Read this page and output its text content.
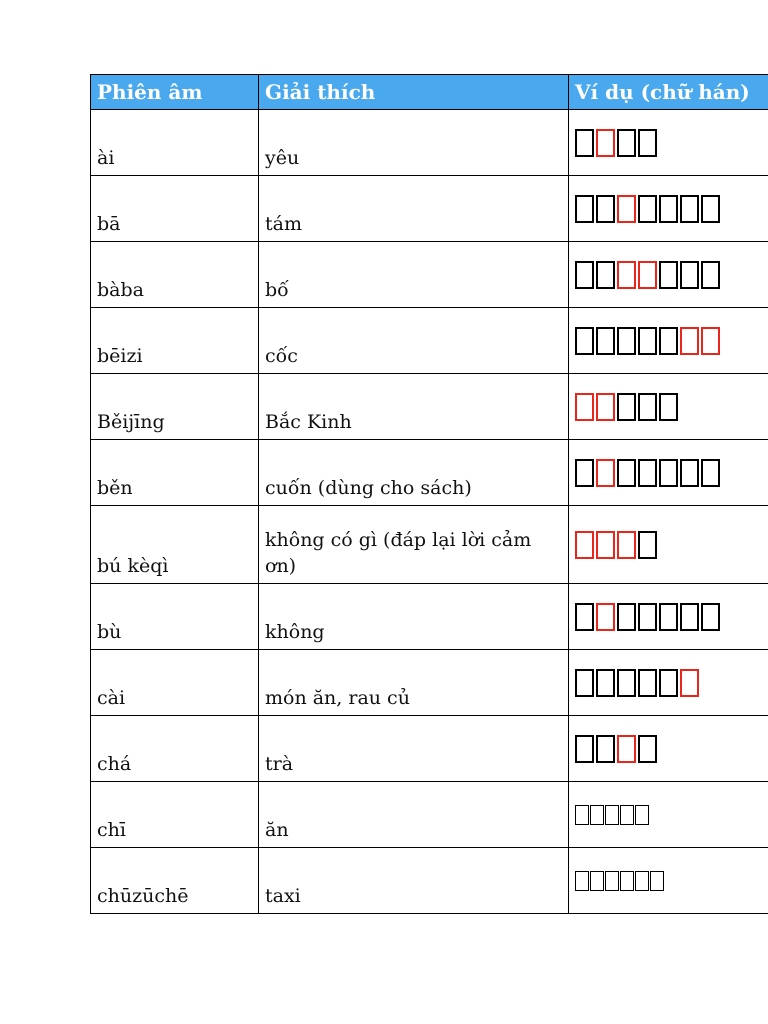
Phiên âm	Giải thích	Ví dụ (chữ hán)
ài	yêu	

bā	tám	

bàba	bố	

bēizi	cốc	

Běijīng	Bắc Kinh	

běn	cuốn (dùng cho sách)	

bú kèqì	không có gì (đáp lại lời cảm ơn)	

bù	không	

cài	món ăn, rau củ	

chá	trà	

chī	ăn	

chūzūchē	taxi	
